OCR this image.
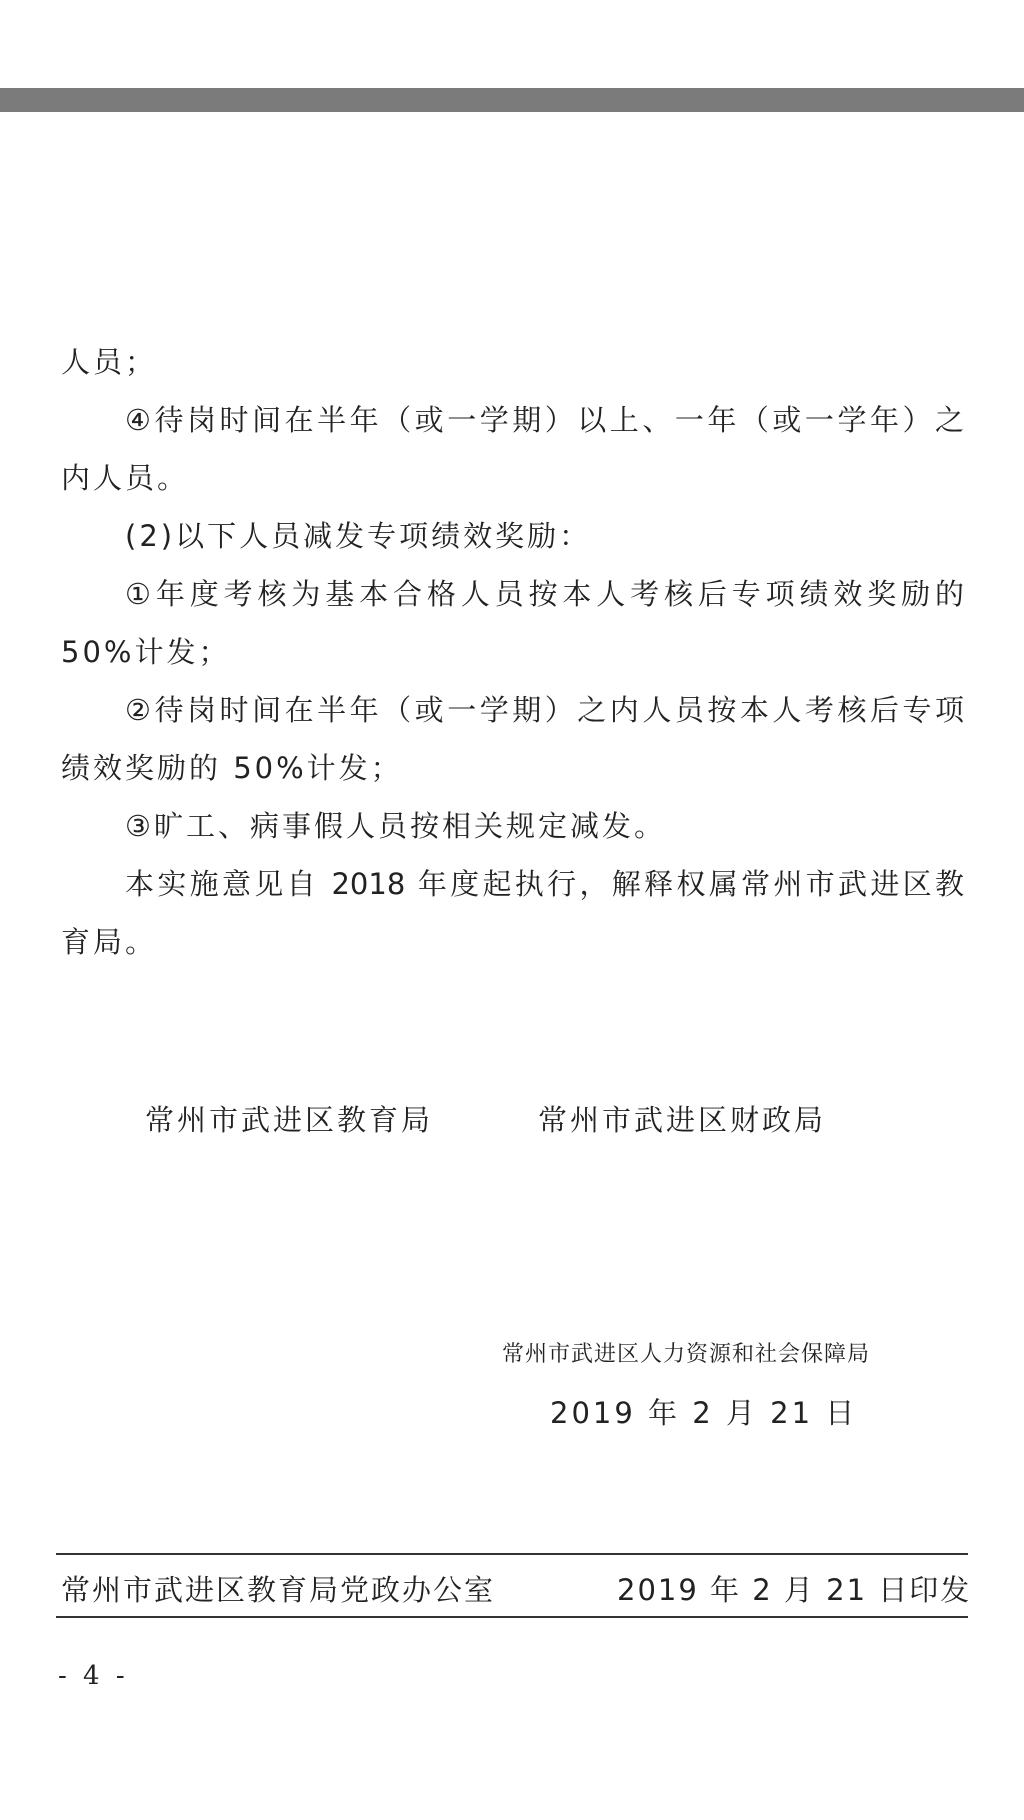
人员；
④待岗时间在半年（或一学期）以上、一年（或一学年）之
内人员。
(2)以下人员减发专项绩效奖励：
①年度考核为基本合格人员按本人考核后专项绩效奖励的
50%计发；
②待岗时间在半年（或一学期）之内人员按本人考核后专项
绩效奖励的 50%计发；
③旷工、病事假人员按相关规定减发。
本实施意见自 2018 年度起执行，解释权属常州市武进区教
育局。
常州市武进区教育局	常州市武进区财政局
常州市武进区人力资源和社会保障局
2019 年 2 月 21 日
常州市武进区教育局党政办公室	2019 年 2 月 21 日印发
- 4 -
